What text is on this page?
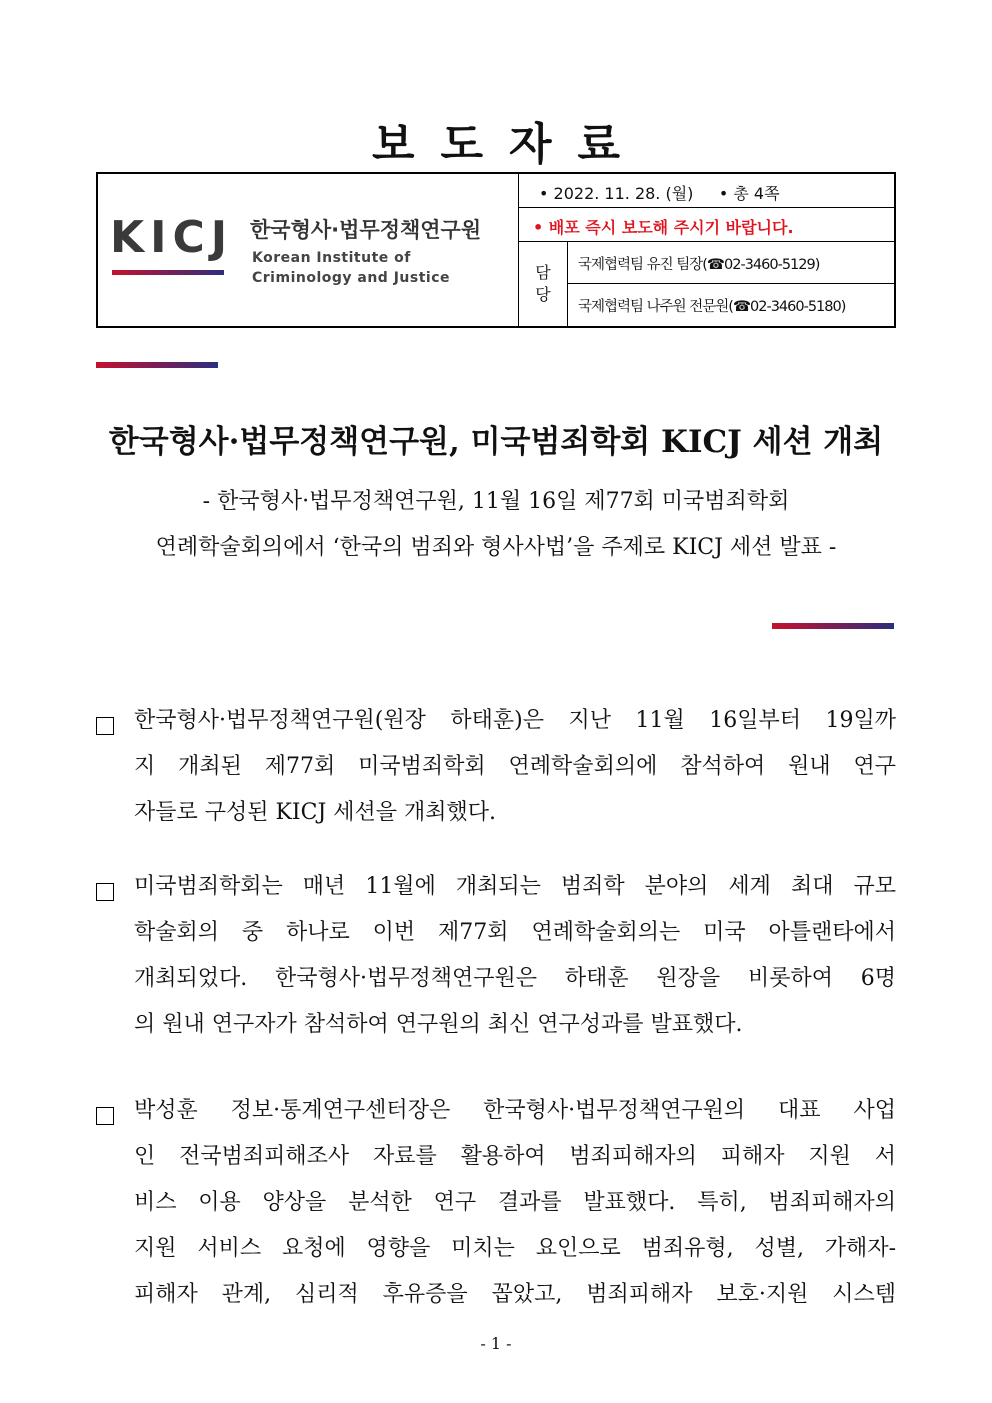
보도자료
KICJ 한국형사·법무정책연구원
Korean Institute of
Criminology and Justice
• 2022. 11. 28. (월)     • 총 4쪽
• 배포 즉시 보도해 주시기 바랍니다.
담
당
국제협력팀 유진 팀장(☎02-3460-5129)
국제협력팀 나주원 전문원(☎02-3460-5180)
한국형사·법무정책연구원, 미국범죄학회 KICJ 세션 개최
- 한국형사·법무정책연구원, 11월 16일 제77회 미국범죄학회
연례학술회의에서 ‘한국의 범죄와 형사사법’을 주제로 KICJ 세션 발표 -
한국형사·법무정책연구원(원장 하태훈)은 지난 11월 16일부터 19일까
지 개최된 제77회 미국범죄학회 연례학술회의에 참석하여 원내 연구
자들로 구성된 KICJ 세션을 개최했다.
미국범죄학회는 매년 11월에 개최되는 범죄학 분야의 세계 최대 규모
학술회의 중 하나로 이번 제77회 연례학술회의는 미국 아틀랜타에서
개최되었다. 한국형사·법무정책연구원은 하태훈 원장을 비롯하여 6명
의 원내 연구자가 참석하여 연구원의 최신 연구성과를 발표했다.
박성훈 정보·통계연구센터장은 한국형사·법무정책연구원의 대표 사업
인 전국범죄피해조사 자료를 활용하여 범죄피해자의 피해자 지원 서
비스 이용 양상을 분석한 연구 결과를 발표했다. 특히, 범죄피해자의
지원 서비스 요청에 영향을 미치는 요인으로 범죄유형, 성별, 가해자-
피해자 관계, 심리적 후유증을 꼽았고, 범죄피해자 보호·지원 시스템
- 1 -
